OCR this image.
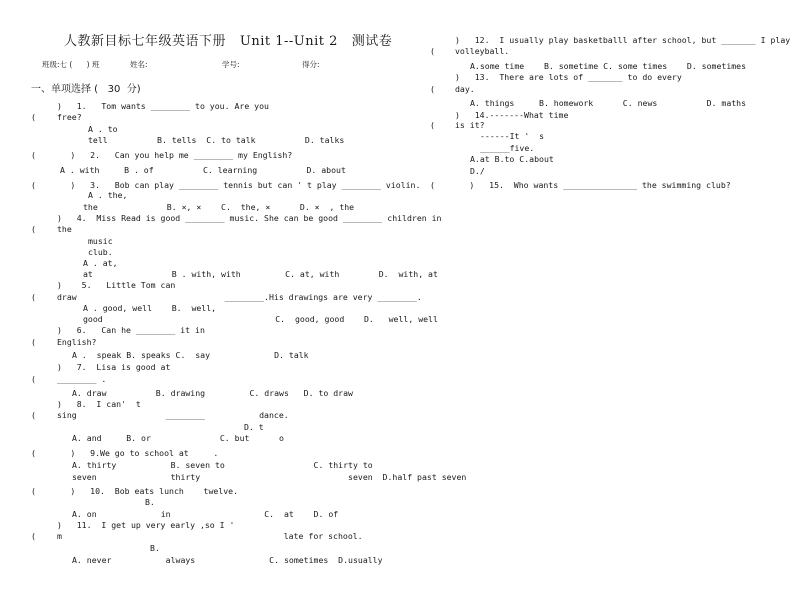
人教新目标七年级英语下册   Unit 1--Unit 2   测试卷
班级:七 (      ) 班	姓名:	学号:	得分:
一、单项选择 (   30  分)
)   1.   Tom wants ________ to you. Are you
(	free?
A . to
tell          B. tells  C. to talk          D. talks
(       )   2.   Can you help me ________ my English?
A . with     B . of          C. learning          D. about
(       )   3.   Bob can play ________ tennis but can ' t play ________ violin.
A . the,
the              B. ×, ×    C.  the, ×      D. ×  , the
)   4.  Miss Read is good ________ music. She can be good ________ children in
(	the
music
club.
A . at,
at                B . with, with         C. at, with        D.  with, at
)    5.   Little Tom can
(	draw                              ________.His drawings are very ________.
A . good, well    B.  well,
good                                   C.  good, good    D.   well, well
)   6.   Can he ________ it in
(	English?
A .  speak B. speaks C.  say             D. talk
)   7.  Lisa is good at
(	________ .
A. draw          B. drawing         C. draws   D. to draw
)   8.  I can'  t
(	sing                  ________           dance.
D. t
A. and     B. or              C. but      o
(       )   9.We go to school at     .
A. thirty           B. seven to                  C. thirty to
seven               thirty                              seven  D.half past seven
(       )   10.  Bob eats lunch    twelve.
B.
A. on             in                   C.  at    D. of
)   11.  I get up very early ,so I '
(	m                                             late for school.
B.
A. never           always               C. sometimes  D.usually
)   12.  I usually play basketballl after school, but _______ I play
( volleyball.
A.some time    B. sometime C. some times    D. sometimes
)   13.  There are lots of _______ to do every
( day.
A. things     B. homework      C. news          D. maths
)   14.-------What time
( is it?
------It '  s
______five.
A.at B.to C.about
D./
(       )   15.  Who wants _______________ the swimming club?
